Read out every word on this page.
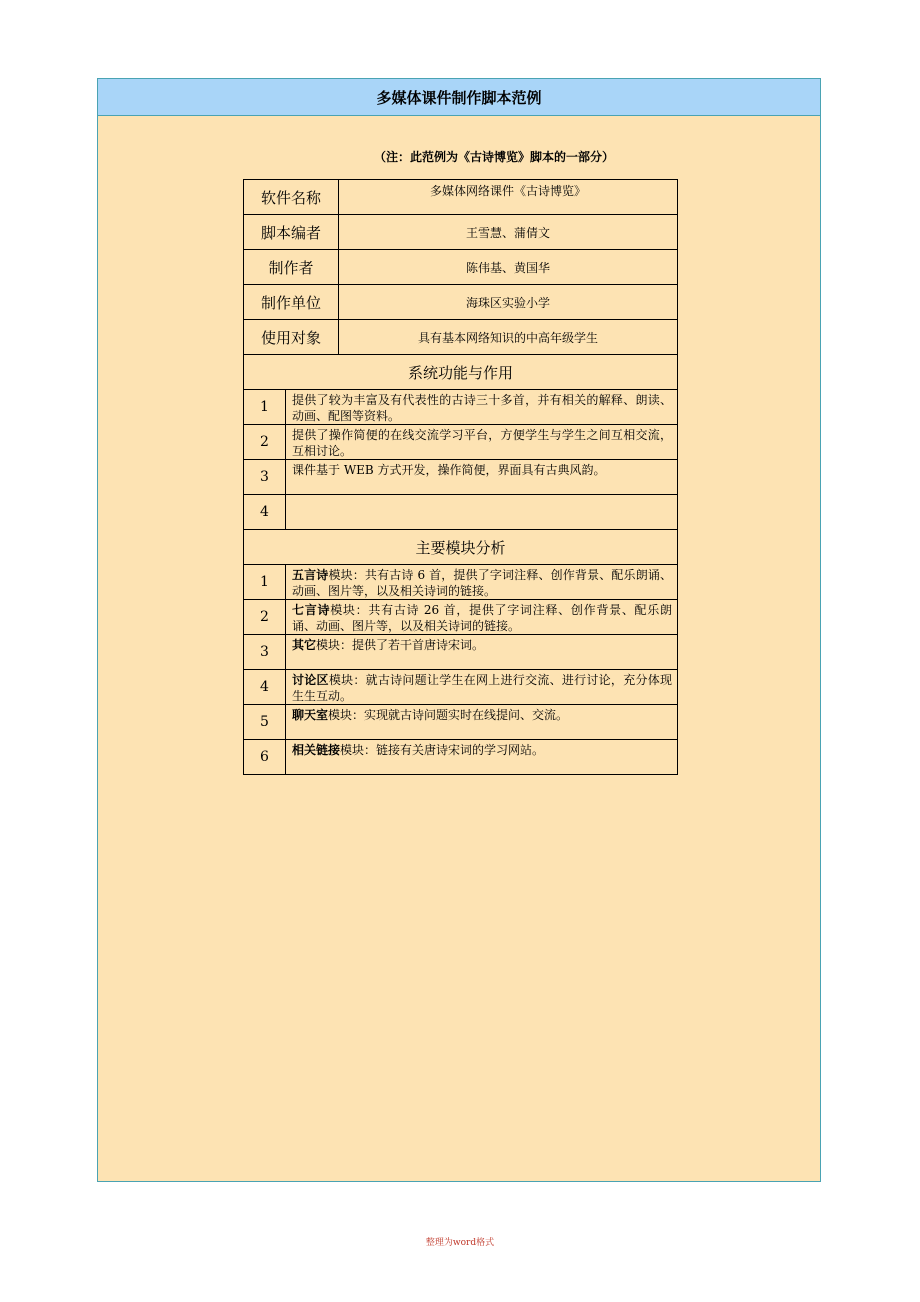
多媒体课件制作脚本范例
（注：此范例为《古诗博览》脚本的一部分）
软件名称		多媒体网络课件《古诗博览》
脚本编者		王雪慧、蒲倩文
制作者		陈伟基、黄国华
制作单位		海珠区实验小学
使用对象		具有基本网络知识的中高年级学生
系统功能与作用		
1	提供了较为丰富及有代表性的古诗三十多首，并有相关的解释、朗读、动画、配图等资料。	
2	提供了操作简便的在线交流学习平台，方便学生与学生之间互相交流，互相讨论。	
3	课件基于 WEB 方式开发，操作简便，界面具有古典风韵。	
4		
主要模块分析		
1	五言诗模块：共有古诗 6 首，提供了字词注释、创作背景、配乐朗诵、动画、图片等，以及相关诗词的链接。	
2	七言诗模块：共有古诗 26 首，提供了字词注释、创作背景、配乐朗诵、动画、图片等，以及相关诗词的链接。	
3	其它模块：提供了若干首唐诗宋词。	
4	讨论区模块：就古诗问题让学生在网上进行交流、进行讨论，充分体现生生互动。	
5	聊天室模块：实现就古诗问题实时在线提问、交流。	
6	相关链接模块：链接有关唐诗宋词的学习网站。	
整理为word格式
